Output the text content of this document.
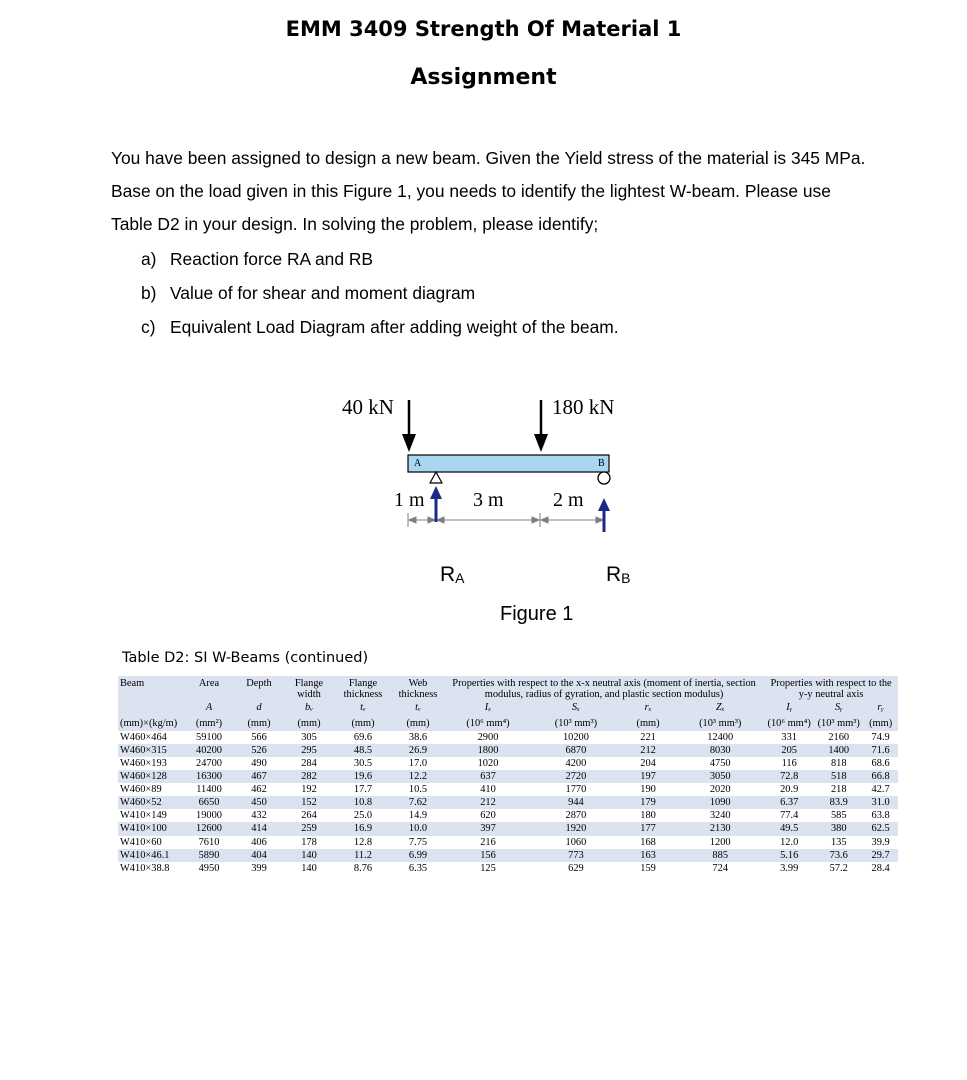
EMM 3409 Strength Of Material 1
Assignment
You have been assigned to design a new beam. Given the Yield stress of the material is 345 MPa. Base on the load given in this Figure 1, you needs to identify the lightest W-beam. Please use Table D2 in your design. In solving the problem, please identify;
a) Reaction force RA and RB
b) Value of for shear and moment diagram
c) Equivalent Load Diagram after adding weight of the beam.
40 kN	180 kN
A	B
1 m 3 m 2 m
RA	RB
Figure 1
Table D2: SI W-Beams (continued)
Beam	Area	Depth	Flange width	Flange thickness	Web thickness	Properties with respect to the x-x neutral axis (moment of inertia, section modulus, radius of gyration, and plastic section modulus)				Properties with respect to the y-y neutral axis		
	A	d	bᵥ	tᵥ	tᵥ	Iₓ	Sₓ	rₓ	Zₓ	Iᵧ	Sᵧ	rᵧ
(mm)×(kg/m)	(mm²)	(mm)	(mm)	(mm)	(mm)	(10⁶ mm⁴)	(10³ mm³)	(mm)	(10³ mm³)	(10⁶ mm⁴)	(10³ mm³)	(mm)
W460×464	59100	566	305	69.6	38.6	2900	10200	221	12400	331	2160	74.9
W460×315	40200	526	295	48.5	26.9	1800	6870	212	8030	205	1400	71.6
W460×193	24700	490	284	30.5	17.0	1020	4200	204	4750	116	818	68.6
W460×128	16300	467	282	19.6	12.2	637	2720	197	3050	72.8	518	66.8
W460×89	11400	462	192	17.7	10.5	410	1770	190	2020	20.9	218	42.7
W460×52	6650	450	152	10.8	7.62	212	944	179	1090	6.37	83.9	31.0
W410×149	19000	432	264	25.0	14.9	620	2870	180	3240	77.4	585	63.8
W410×100	12600	414	259	16.9	10.0	397	1920	177	2130	49.5	380	62.5
W410×60	7610	406	178	12.8	7.75	216	1060	168	1200	12.0	135	39.9
W410×46.1	5890	404	140	11.2	6.99	156	773	163	885	5.16	73.6	29.7
W410×38.8	4950	399	140	8.76	6.35	125	629	159	724	3.99	57.2	28.4
